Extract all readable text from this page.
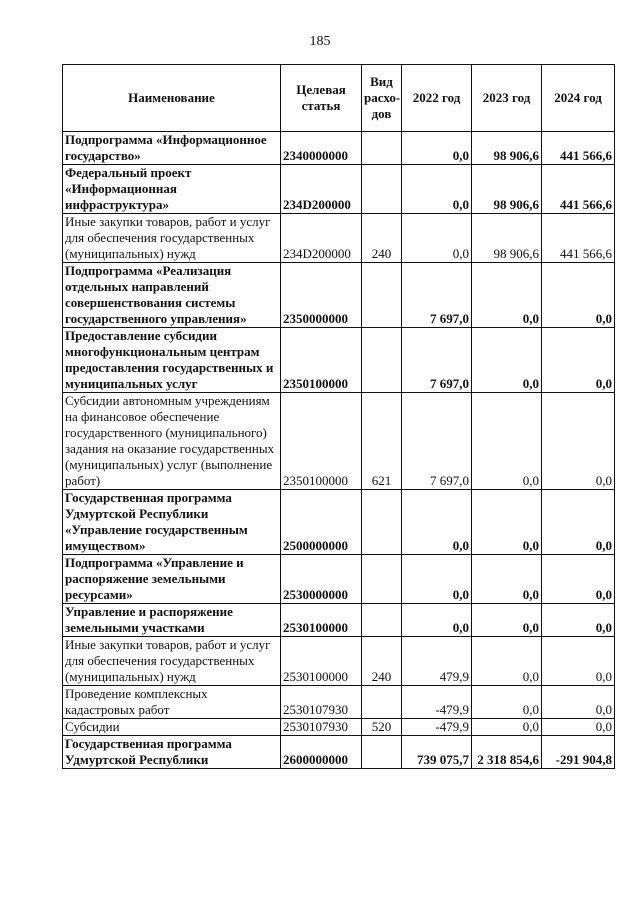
185
Наименование	Целевая статья	Вид расхо-дов	2022 год	2023 год	2024 год
Подпрограмма «Информационное государство»	2340000000		0,0	98 906,6	441 566,6
Федеральный проект «Информационная инфраструктура»	234D200000		0,0	98 906,6	441 566,6
Иные закупки товаров, работ и услуг для обеспечения государственных (муниципальных) нужд	234D200000	240	0,0	98 906,6	441 566,6
Подпрограмма «Реализация отдельных направлений совершенствования системы государственного управления»	2350000000		7 697,0	0,0	0,0
Предоставление субсидии многофункциональным центрам предоставления государственных и муниципальных услуг	2350100000		7 697,0	0,0	0,0
Субсидии автономным учреждениям на финансовое обеспечение государственного (муниципального) задания на оказание государственных (муниципальных) услуг (выполнение работ)	2350100000	621	7 697,0	0,0	0,0
Государственная программа Удмуртской Республики «Управление государственным имуществом»	2500000000		0,0	0,0	0,0
Подпрограмма «Управление и распоряжение земельными ресурсами»	2530000000		0,0	0,0	0,0
Управление и распоряжение земельными участками	2530100000		0,0	0,0	0,0
Иные закупки товаров, работ и услуг для обеспечения государственных (муниципальных) нужд	2530100000	240	479,9	0,0	0,0
Проведение комплексных кадастровых работ	2530107930		-479,9	0,0	0,0
Субсидии	2530107930	520	-479,9	0,0	0,0
Государственная программа Удмуртской Республики	2600000000		739 075,7	2 318 854,6	-291 904,8
